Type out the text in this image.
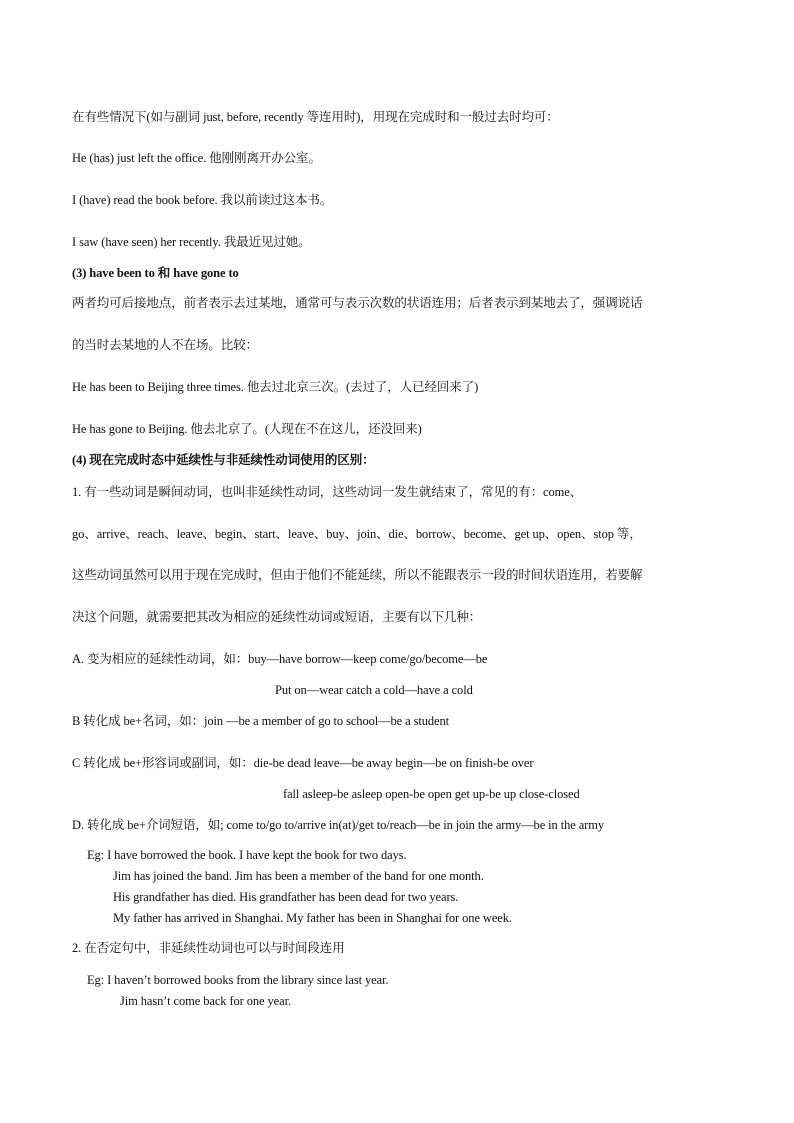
在有些情况下(如与副词 just, before, recently 等连用时)，用现在完成时和一般过去时均可：
He (has) just left the office. 他刚刚离开办公室。
I (have) read the book before. 我以前读过这本书。
I saw (have seen) her recently. 我最近见过她。
(3) have been to 和 have gone to
两者均可后接地点，前者表示去过某地，通常可与表示次数的状语连用；后者表示到某地去了，强调说话
的当时去某地的人不在场。比较：
He has been to Beijing three times. 他去过北京三次。(去过了，人已经回来了)
He has gone to Beijing. 他去北京了。(人现在不在这儿，还没回来)
(4) 现在完成时态中延续性与非延续性动词使用的区别：
1. 有一些动词是瞬间动词，也叫非延续性动词，这些动词一发生就结束了，常见的有：come、
go、arrive、reach、leave、begin、start、leave、buy、join、die、borrow、become、get up、open、stop 等，
这些动词虽然可以用于现在完成时，但由于他们不能延续，所以不能跟表示一段的时间状语连用，若要解
决这个问题，就需要把其改为相应的延续性动词或短语，主要有以下几种：
A. 变为相应的延续性动词，如：buy—have borrow—keep come/go/become—be
Put on—wear catch a cold—have a cold
B 转化成 be+名词，如：join —be a member of go to school—be a student
C 转化成 be+形容词或副词，如：die-be dead leave—be away begin—be on finish-be over
fall asleep-be asleep open-be open get up-be up close-closed
D. 转化成 be+介词短语，如; come to/go to/arrive in(at)/get to/reach—be in join the army—be in the army
Eg: I have borrowed the book. I have kept the book for two days.
Jim has joined the band. Jim has been a member of the band for one month.
His grandfather has died. His grandfather has been dead for two years.
My father has arrived in Shanghai. My father has been in Shanghai for one week.
2. 在否定句中，非延续性动词也可以与时间段连用
Eg: I haven’t borrowed books from the library since last year.
Jim hasn’t come back for one year.
